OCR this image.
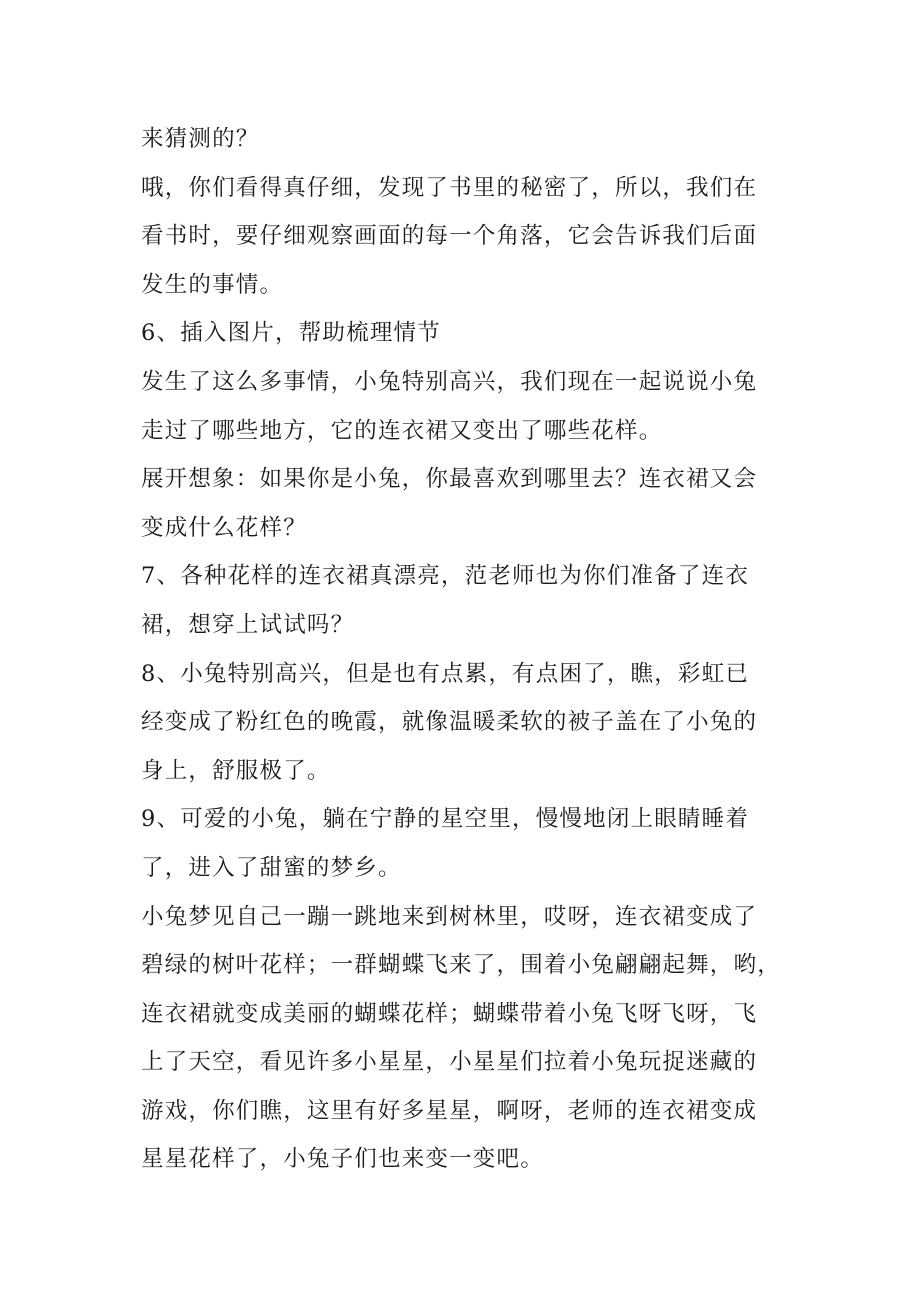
来猜测的？
哦，你们看得真仔细，发现了书里的秘密了，所以，我们在
看书时，要仔细观察画面的每一个角落，它会告诉我们后面
发生的事情。
6、插入图片，帮助梳理情节
发生了这么多事情，小兔特别高兴，我们现在一起说说小兔
走过了哪些地方，它的连衣裙又变出了哪些花样。
展开想象：如果你是小兔，你最喜欢到哪里去？连衣裙又会
变成什么花样？
7、各种花样的连衣裙真漂亮，范老师也为你们准备了连衣
裙，想穿上试试吗？
8、小兔特别高兴，但是也有点累，有点困了，瞧，彩虹已
经变成了粉红色的晚霞，就像温暖柔软的被子盖在了小兔的
身上，舒服极了。
9、可爱的小兔，躺在宁静的星空里，慢慢地闭上眼睛睡着
了，进入了甜蜜的梦乡。
小兔梦见自己一蹦一跳地来到树林里，哎呀，连衣裙变成了
碧绿的树叶花样；一群蝴蝶飞来了，围着小兔翩翩起舞，哟，
连衣裙就变成美丽的蝴蝶花样；蝴蝶带着小兔飞呀飞呀，飞
上了天空，看见许多小星星，小星星们拉着小兔玩捉迷藏的
游戏，你们瞧，这里有好多星星，啊呀，老师的连衣裙变成
星星花样了，小兔子们也来变一变吧。
